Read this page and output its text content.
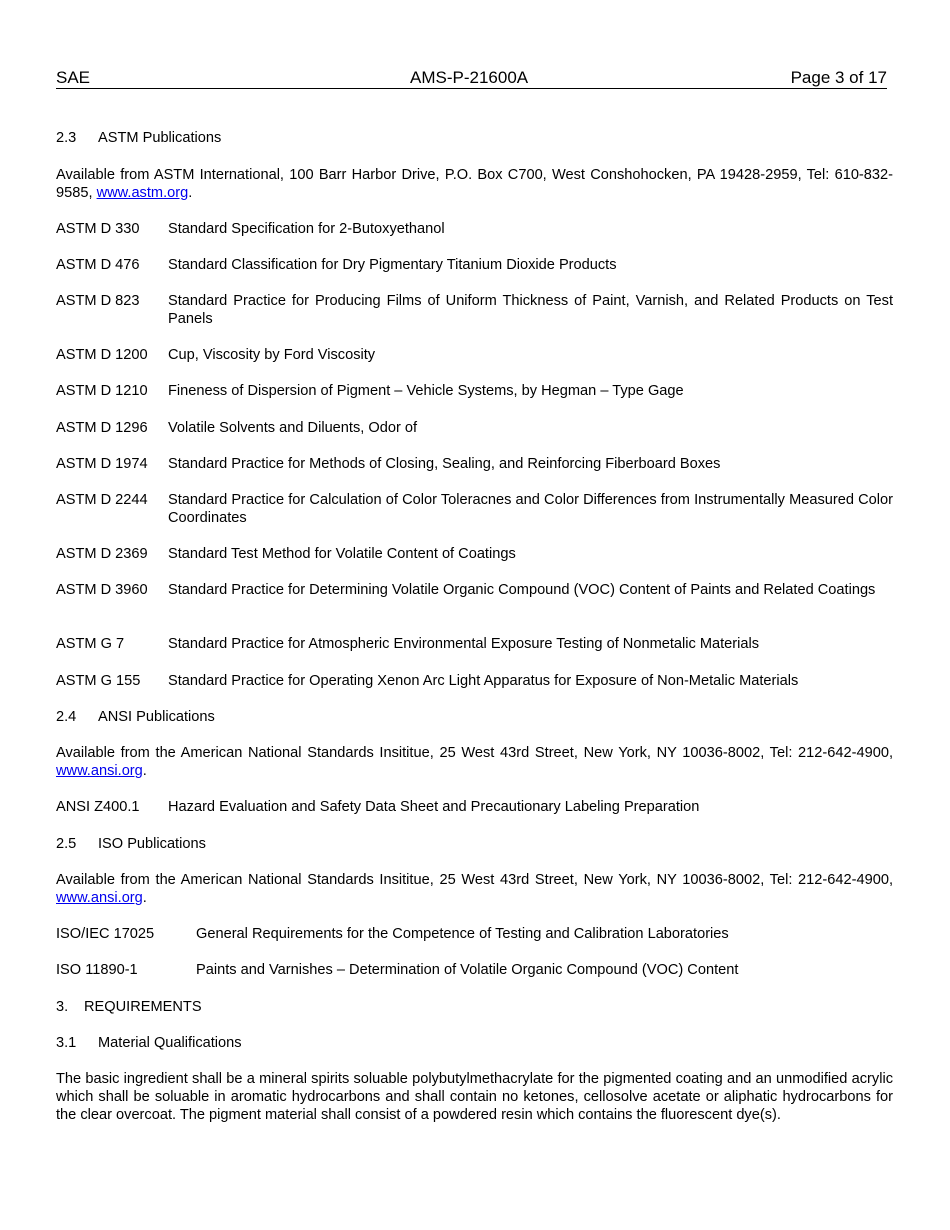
SAE	AMS-P-21600A	Page 3 of 17
2.3 ASTM Publications
Available from ASTM International, 100 Barr Harbor Drive, P.O. Box C700, West Conshohocken, PA 19428-2959, Tel: 610-832-9585, www.astm.org.
ASTM D 330 Standard Specification for 2-Butoxyethanol
ASTM D 476 Standard Classification for Dry Pigmentary Titanium Dioxide Products
ASTM D 823 Standard Practice for Producing Films of Uniform Thickness of Paint, Varnish, and Related Products on Test Panels
ASTM D 1200 Cup, Viscosity by Ford Viscosity
ASTM D 1210 Fineness of Dispersion of Pigment – Vehicle Systems, by Hegman – Type Gage
ASTM D 1296 Volatile Solvents and Diluents, Odor of
ASTM D 1974 Standard Practice for Methods of Closing, Sealing, and Reinforcing Fiberboard Boxes
ASTM D 2244 Standard Practice for Calculation of Color Toleracnes and Color Differences from Instrumentally Measured Color Coordinates
ASTM D 2369 Standard Test Method for Volatile Content of Coatings
ASTM D 3960 Standard Practice for Determining Volatile Organic Compound (VOC) Content of Paints and Related Coatings
ASTM G 7	Standard Practice for Atmospheric Environmental Exposure Testing of Nonmetalic Materials
ASTM G 155 Standard Practice for Operating Xenon Arc Light Apparatus for Exposure of Non-Metalic Materials
2.4 ANSI Publications
Available from the American National Standards Insititue, 25 West 43rd Street, New York, NY 10036-8002, Tel: 212-642-4900, www.ansi.org.
ANSI Z400.1 Hazard Evaluation and Safety Data Sheet and Precautionary Labeling Preparation
2.5 ISO Publications
Available from the American National Standards Insititue, 25 West 43rd Street, New York, NY 10036-8002, Tel: 212-642-4900, www.ansi.org.
ISO/IEC 17025	General Requirements for the Competence of Testing and Calibration Laboratories
ISO 11890-1	Paints and Varnishes – Determination of Volatile Organic Compound (VOC) Content
3. REQUIREMENTS
3.1 Material Qualifications
The basic ingredient shall be a mineral spirits soluable polybutylmethacrylate for the pigmented coating and an unmodified acrylic which shall be soluable in aromatic hydrocarbons and shall contain no ketones, cellosolve acetate or aliphatic hydrocarbons for the clear overcoat. The pigment material shall consist of a powdered resin which contains the fluorescent dye(s).
